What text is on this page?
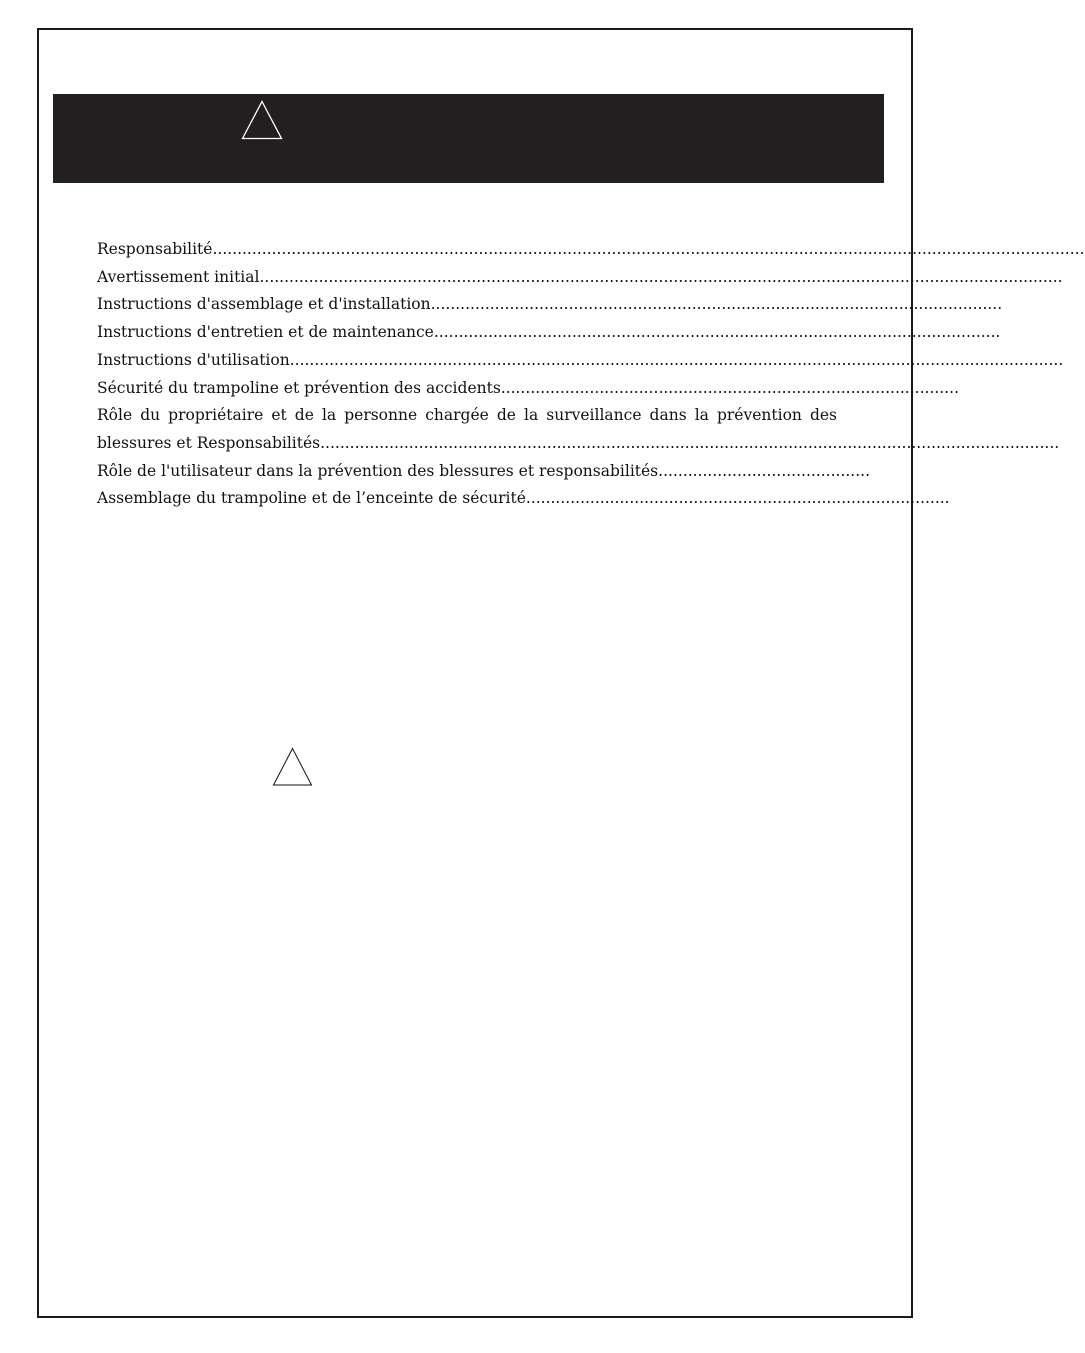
Responsabilité.................................................................................................................................................................................
Avertissement initial...................................................................................................................................................................
Instructions d'assemblage et d'installation....................................................................................................................
Instructions d'entretien et de maintenance...................................................................................................................
Instructions d'utilisation.............................................................................................................................................................
Sécurité du trampoline et prévention des accidents.............................................................................................
Rôle du propriétaire et de la personne chargée de la surveillance dans la prévention des
blessures et Responsabilités......................................................................................................................................................
Rôle de l'utilisateur dans la prévention des blessures et responsabilités...........................................
Assemblage du trampoline et de l’enceinte de sécurité......................................................................................
